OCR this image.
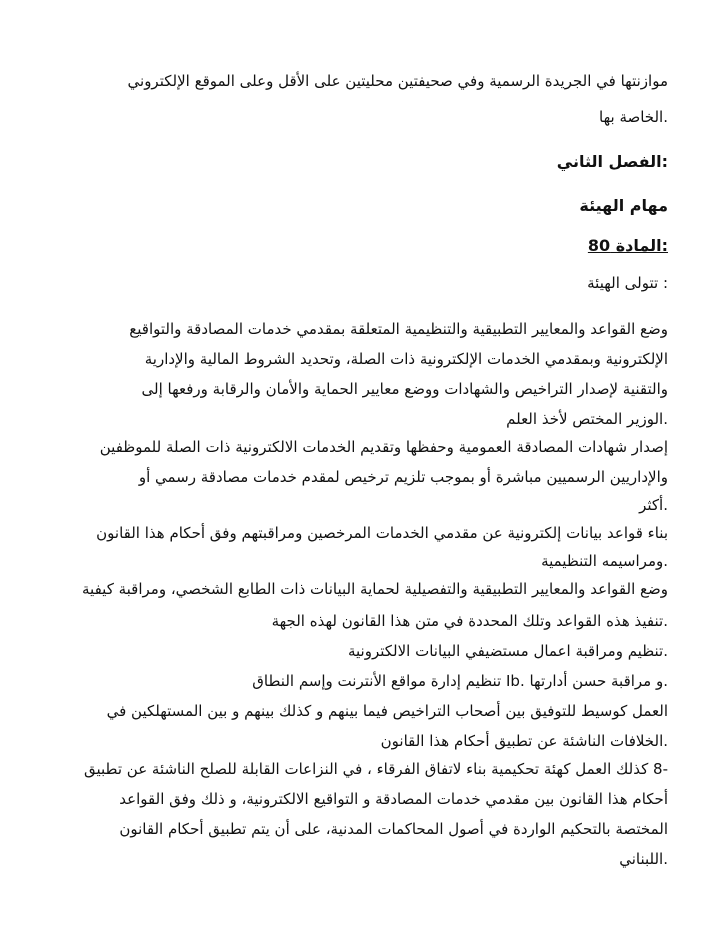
موازنتها في الجريدة الرسمية وفي صحيفتين محليتين على الأقل وعلى الموقع الإلكتروني
.الخاصة بها
:الفصل الثاني
مهام الهيئة
:المادة 80
: تتولى الهيئة
وضع القواعد والمعايير التطبيقية والتنظيمية المتعلقة بمقدمي خدمات المصادقة والتواقيع
الإلكترونية وبمقدمي الخدمات الإلكترونية ذات الصلة، وتحديد الشروط المالية والإدارية
والتقنية لإصدار التراخيص والشهادات ووضع معايير الحماية والأمان والرقابة ورفعها إلى
.الوزير المختص لأخذ العلم
إصدار شهادات المصادقة العمومية وحفظها وتقديم الخدمات الالكترونية ذات الصلة للموظفين
والإداريين الرسميين مباشرة أو بموجب تلزيم ترخيص لمقدم خدمات مصادقة رسمي أو
.أكثر
بناء قواعد بيانات إلكترونية عن مقدمي الخدمات المرخصين ومراقبتهم وفق أحكام هذا القانون
.ومراسيمه التنظيمية
وضع القواعد والمعايير التطبيقية والتفصيلية لحماية البيانات ذات الطابع الشخصي، ومراقبة كيفية
.تنفيذ هذه القواعد وتلك المحددة في متن هذا القانون لهذه الجهة
.تنظيم ومراقبة اعمال مستضيفي البيانات الالكترونية
.و مراقبة حسن أدارتها .Ib تنظيم إدارة مواقع الأنترنت وإسم النطاق
العمل كوسيط للتوفيق بين أصحاب التراخيص فيما بينهم و كذلك بينهم و بين المستهلكين في
.الخلافات الناشئة عن تطبيق أحكام هذا القانون
-8 كذلك العمل كهئة تحكيمية بناء لاتفاق الفرقاء ، في النزاعات القابلة للصلح الناشئة عن تطبيق
أحكام هذا القانون بين مقدمي خدمات المصادقة و التواقيع الالكترونية، و ذلك وفق القواعد
المختصة بالتحكيم الواردة في أصول المحاكمات المدنية، على أن يتم تطبيق أحكام القانون
.اللبناني
